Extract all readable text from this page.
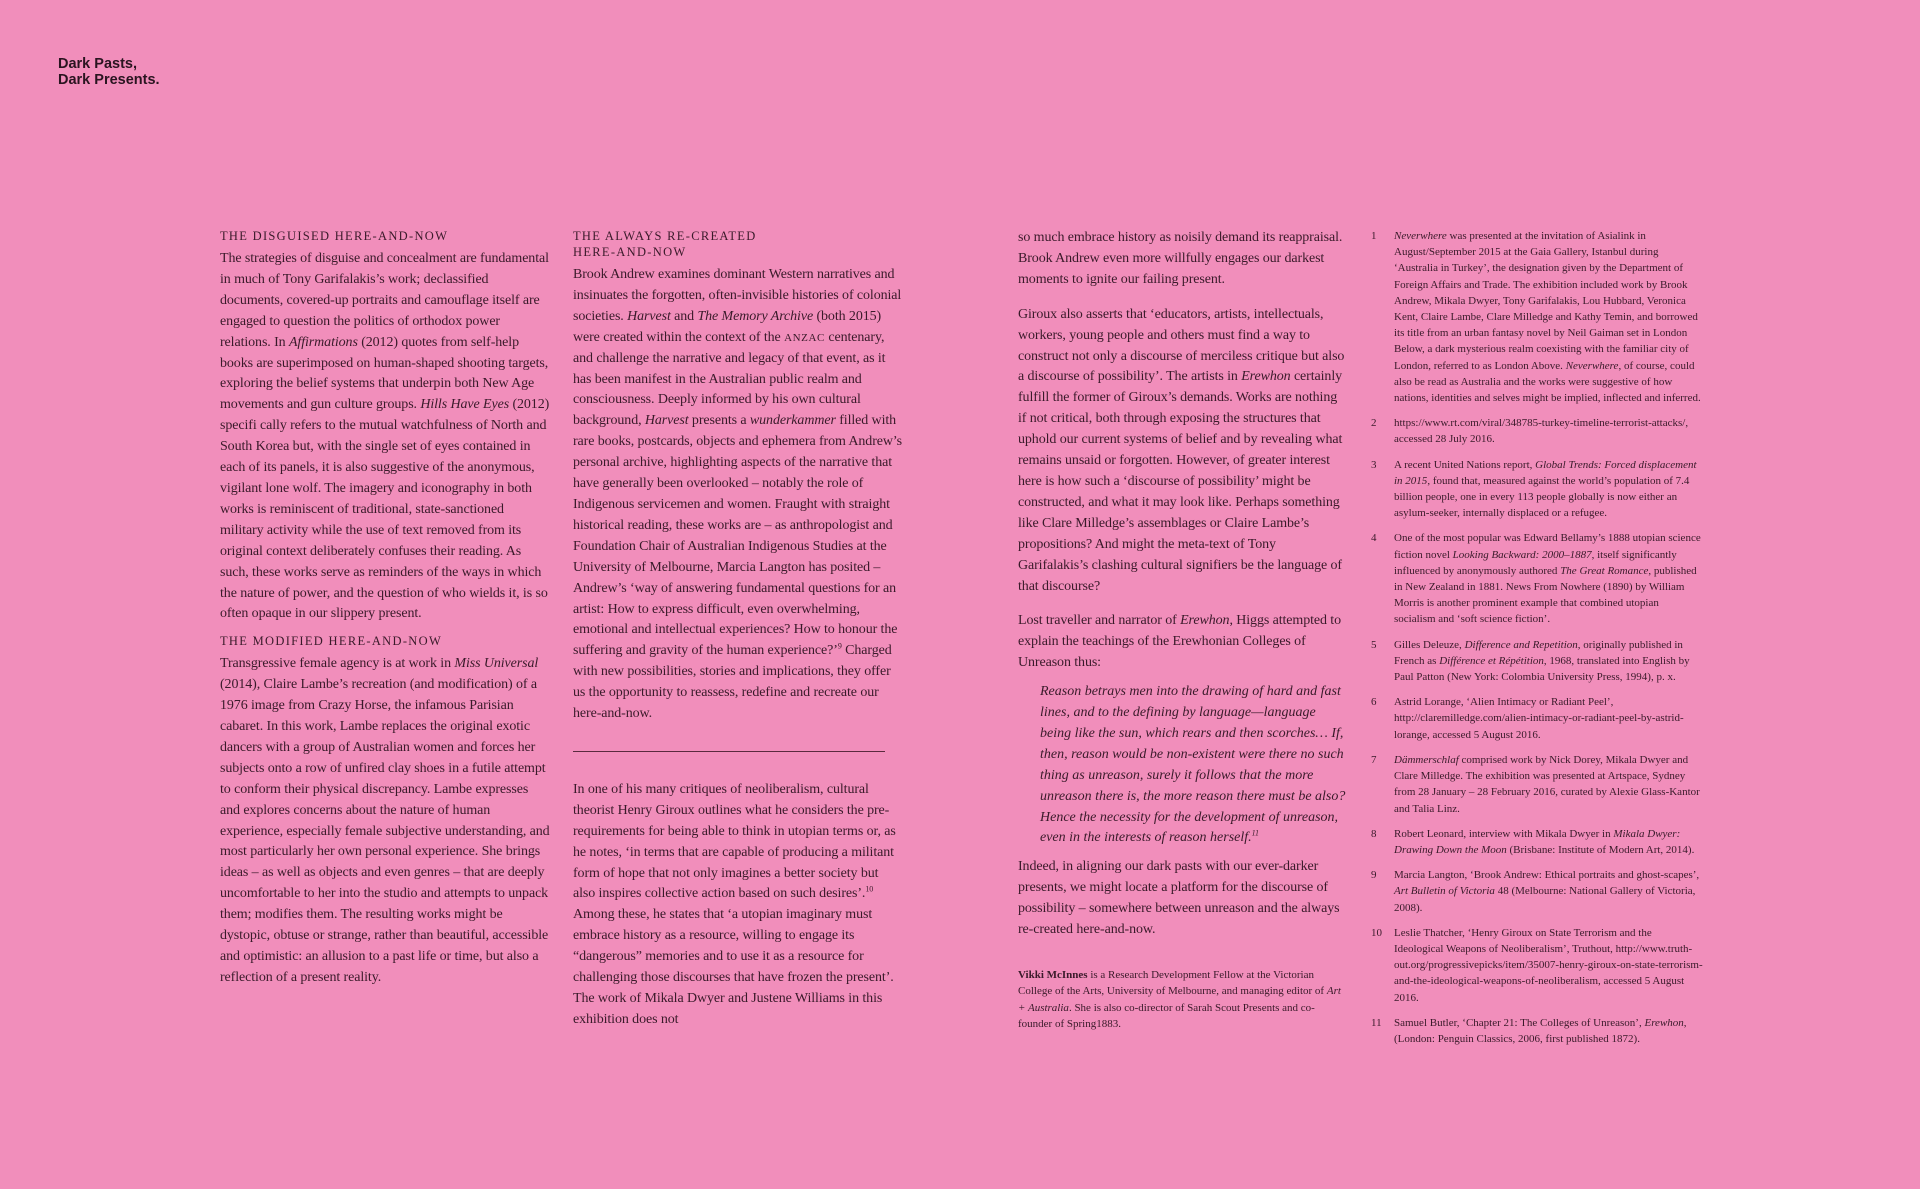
Dark Pasts,
Dark Presents.
THE DISGUISED HERE-AND-NOW

The strategies of disguise and concealment are fundamental in much of Tony Garifalakis’s work; declassified documents, covered-up portraits and camouflage itself are engaged to question the politics of orthodox power relations. In Affirmations (2012) quotes from self-help books are superimposed on human-shaped shooting targets, exploring the belief systems that underpin both New Age movements and gun culture groups. Hills Have Eyes (2012) specifi cally refers to the mutual watchfulness of North and South Korea but, with the single set of eyes contained in each of its panels, it is also suggestive of the anonymous, vigilant lone wolf. The imagery and iconography in both works is reminiscent of traditional, state-sanctioned military activity while the use of text removed from its original context deliberately confuses their reading. As such, these works serve as reminders of the ways in which the nature of power, and the question of who wields it, is so often opaque in our slippery present.

THE MODIFIED HERE-AND-NOW

Transgressive female agency is at work in Miss Universal (2014), Claire Lambe’s recreation (and modification) of a 1976 image from Crazy Horse, the infamous Parisian cabaret. In this work, Lambe replaces the original exotic dancers with a group of Australian women and forces her subjects onto a row of unfired clay shoes in a futile attempt to conform their physical discrepancy. Lambe expresses and explores concerns about the nature of human experience, especially female subjective understanding, and most particularly her own personal experience. She brings ideas – as well as objects and even genres – that are deeply uncomfortable to her into the studio and attempts to unpack them; modifies them. The resulting works might be dystopic, obtuse or strange, rather than beautiful, accessible and optimistic: an allusion to a past life or time, but also a reflection of a present reality.

THE ALWAYS RE-CREATED
HERE-AND-NOW

Brook Andrew examines dominant Western narratives and insinuates the forgotten, often-invisible histories of colonial societies. Harvest and The Memory Archive (both 2015) were created within the context of the ANZAC centenary, and challenge the narrative and legacy of that event, as it has been manifest in the Australian public realm and consciousness. Deeply informed by his own cultural background, Harvest presents a wunderkammer filled with rare books, postcards, objects and ephemera from Andrew’s personal archive, highlighting aspects of the narrative that have generally been overlooked – notably the role of Indigenous servicemen and women. Fraught with straight historical reading, these works are – as anthropologist and Foundation Chair of Australian Indigenous Studies at the University of Melbourne, Marcia Langton has posited – Andrew’s ‘way of answering fundamental questions for an artist: How to express difficult, even overwhelming, emotional and intellectual experiences? How to honour the suffering and gravity of the human experience?’$^9$ Charged with new possibilities, stories and implications, they offer us the opportunity to reassess, redefine and recreate our here-and-now.

In one of his many critiques of neoliberalism, cultural theorist Henry Giroux outlines what he considers the pre-requirements for being able to think in utopian terms or, as he notes, ‘in terms that are capable of producing a militant form of hope that not only imagines a better society but also inspires collective action based on such desires’.$^{10}$ Among these, he states that ‘a utopian imaginary must embrace history as a resource, willing to engage its “dangerous” memories and to use it as a resource for challenging those discourses that have frozen the present’. The work of Mikala Dwyer and Justene Williams in this exhibition does not

so much embrace history as noisily demand its reappraisal. Brook Andrew even more willfully engages our darkest moments to ignite our failing present.

Giroux also asserts that ‘educators, artists, intellectuals, workers, young people and others must find a way to construct not only a discourse of merciless critique but also a discourse of possibility’. The artists in Erewhon certainly fulfill the former of Giroux’s demands. Works are nothing if not critical, both through exposing the structures that uphold our current systems of belief and by revealing what remains unsaid or forgotten. However, of greater interest here is how such a ‘discourse of possibility’ might be constructed, and what it may look like. Perhaps something like Clare Milledge’s assemblages or Claire Lambe’s propositions? And might the meta-text of Tony Garifalakis’s clashing cultural signifiers be the language of that discourse?

Lost traveller and narrator of Erewhon, Higgs attempted to explain the teachings of the Erewhonian Colleges of Unreason thus:

Reason betrays men into the drawing of hard and fast lines, and to the defining by language—language being like the sun, which rears and then scorches… If, then, reason would be non-existent were there no such thing as unreason, surely it follows that the more unreason there is, the more reason there must be also? Hence the necessity for the development of unreason, even in the interests of reason herself.$^{11}$

Indeed, in aligning our dark pasts with our ever-darker presents, we might locate a platform for the discourse of possibility – somewhere between unreason and the always re-created here-and-now.

Vikki McInnes is a Research Development Fellow at the Victorian College of the Arts, University of Melbourne, and managing editor of Art + Australia. She is also co-director of Sarah Scout Presents and co-founder of Spring1883.

1	Neverwhere was presented at the invitation of Asialink in August/September 2015 at the Gaia Gallery, Istanbul during ‘Australia in Turkey’, the designation given by the Department of Foreign Affairs and Trade. The exhibition included work by Brook Andrew, Mikala Dwyer, Tony Garifalakis, Lou Hubbard, Veronica Kent, Claire Lambe, Clare Milledge and Kathy Temin, and borrowed its title from an urban fantasy novel by Neil Gaiman set in London Below, a dark mysterious realm coexisting with the familiar city of London, referred to as London Above. Neverwhere, of course, could also be read as Australia and the works were suggestive of how nations, identities and selves might be implied, inflected and inferred.
2	https://www.rt.com/viral/348785-turkey-timeline-terrorist-attacks/, accessed 28 July 2016.
3	A recent United Nations report, Global Trends: Forced displacement in 2015, found that, measured against the world’s population of 7.4 billion people, one in every 113 people globally is now either an asylum-seeker, internally displaced or a refugee.
4	One of the most popular was Edward Bellamy’s 1888 utopian science fiction novel Looking Backward: 2000–1887, itself significantly influenced by anonymously authored The Great Romance, published in New Zealand in 1881. News From Nowhere (1890) by William Morris is another prominent example that combined utopian socialism and ‘soft science fiction’.
5	Gilles Deleuze, Difference and Repetition, originally published in French as Différence et Répétition, 1968, translated into English by Paul Patton (New York: Colombia University Press, 1994), p. x.
6	Astrid Lorange, ‘Alien Intimacy or Radiant Peel’, http://claremilledge.com/alien-intimacy-or-radiant-peel-by-astrid-lorange, accessed 5 August 2016.
7	Dämmerschlaf comprised work by Nick Dorey, Mikala Dwyer and Clare Milledge. The exhibition was presented at Artspace, Sydney from 28 January – 28 February 2016, curated by Alexie Glass-Kantor and Talia Linz.
8	Robert Leonard, interview with Mikala Dwyer in Mikala Dwyer: Drawing Down the Moon (Brisbane: Institute of Modern Art, 2014).
9	Marcia Langton, ‘Brook Andrew: Ethical portraits and ghost-scapes’, Art Bulletin of Victoria 48 (Melbourne: National Gallery of Victoria, 2008).
10	Leslie Thatcher, ‘Henry Giroux on State Terrorism and the Ideological Weapons of Neoliberalism’, Truthout, http://www.truth-out.org/progressivepicks/item/35007-henry-giroux-on-state-terrorism-and-the-ideological-weapons-of-neoliberalism, accessed 5 August 2016.
11	Samuel Butler, ‘Chapter 21: The Colleges of Unreason’, Erewhon, (London: Penguin Classics, 2006, first published 1872).
